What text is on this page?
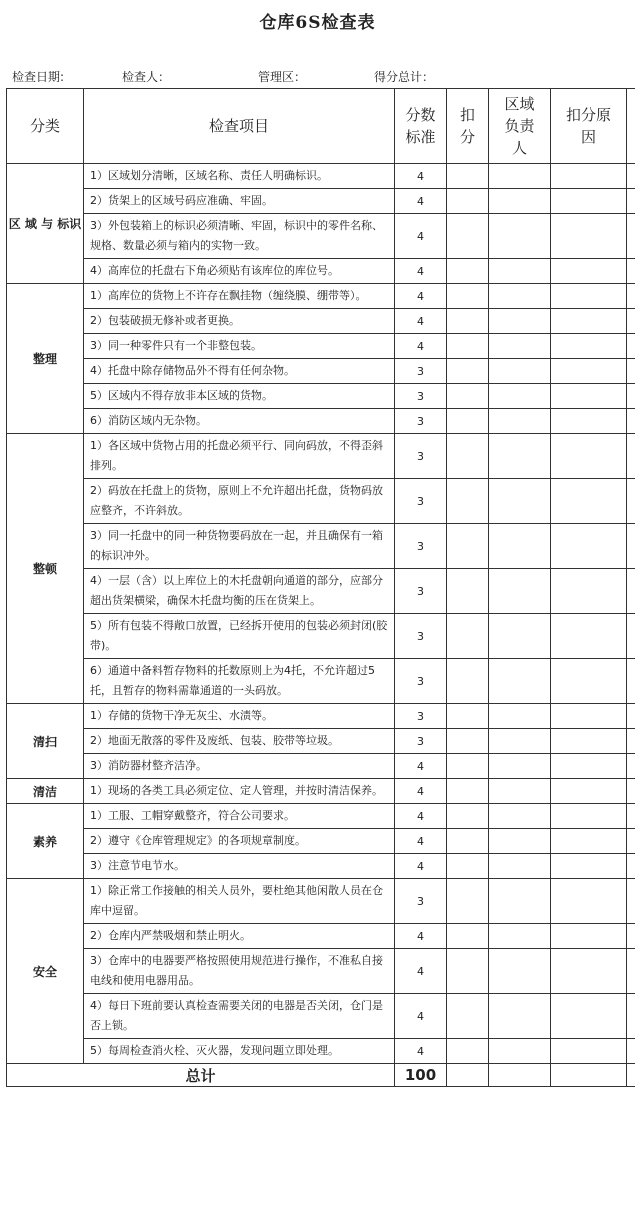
仓库6S检查表
检查日期:	检查人：	管理区：	得分总计：
分类	检查项目	分数标准	扣分	区域负责人	扣分原因	

区 域 与 标识	1）区域划分清晰，区域名称、责任人明确标识。	4				
	2）货架上的区域号码应准确、牢固。	4				
	3）外包装箱上的标识必须清晰、牢固，标识中的零件名称、规格、数量必须与箱内的实物一致。	4				
	4）高库位的托盘右下角必须贴有该库位的库位号。	4				
整理	1）高库位的货物上不许存在飘挂物（缠绕膜、绷带等）。	4				
	2）包装破损无修补或者更换。	4				
	3）同一种零件只有一个非整包装。	4				
	4）托盘中除存储物品外不得有任何杂物。	3				
	5）区域内不得存放非本区域的货物。	3				
	6）消防区域内无杂物。	3				
整顿	1）各区域中货物占用的托盘必须平行、同向码放，不得歪斜排列。	3				
	2）码放在托盘上的货物，原则上不允许超出托盘，货物码放应整齐，不许斜放。	3				
	3）同一托盘中的同一种货物要码放在一起，并且确保有一箱的标识冲外。	3				
	4）一层（含）以上库位上的木托盘朝向通道的部分，应部分超出货架横梁，确保木托盘均衡的压在货架上。	3				
	5）所有包装不得敞口放置，已经拆开使用的包装必须封闭(胶带)。	3				
	6）通道中备料暂存物料的托数原则上为4托，不允许超过5托，且暂存的物料需靠通道的一头码放。	3				
清扫	1）存储的货物干净无灰尘、水渍等。	3				
	2）地面无散落的零件及废纸、包装、胶带等垃圾。	3				
	3）消防器材整齐洁净。	4				
清洁	1）现场的各类工具必须定位、定人管理，并按时清洁保养。	4				
素养	1）工服、工帽穿戴整齐，符合公司要求。	4				
	2）遵守《仓库管理规定》的各项规章制度。	4				
	3）注意节电节水。	4				
安全	1）除正常工作接触的相关人员外，要杜绝其他闲散人员在仓库中逗留。	3				
	2）仓库内严禁吸烟和禁止明火。	4				
	3）仓库中的电器要严格按照使用规范进行操作，不准私自接电线和使用电器用品。	4				
	4）每日下班前要认真检查需要关闭的电器是否关闭，仓门是否上锁。	4				
	5）每周检查消火栓、灭火器，发现问题立即处理。	4				
总计		100				
